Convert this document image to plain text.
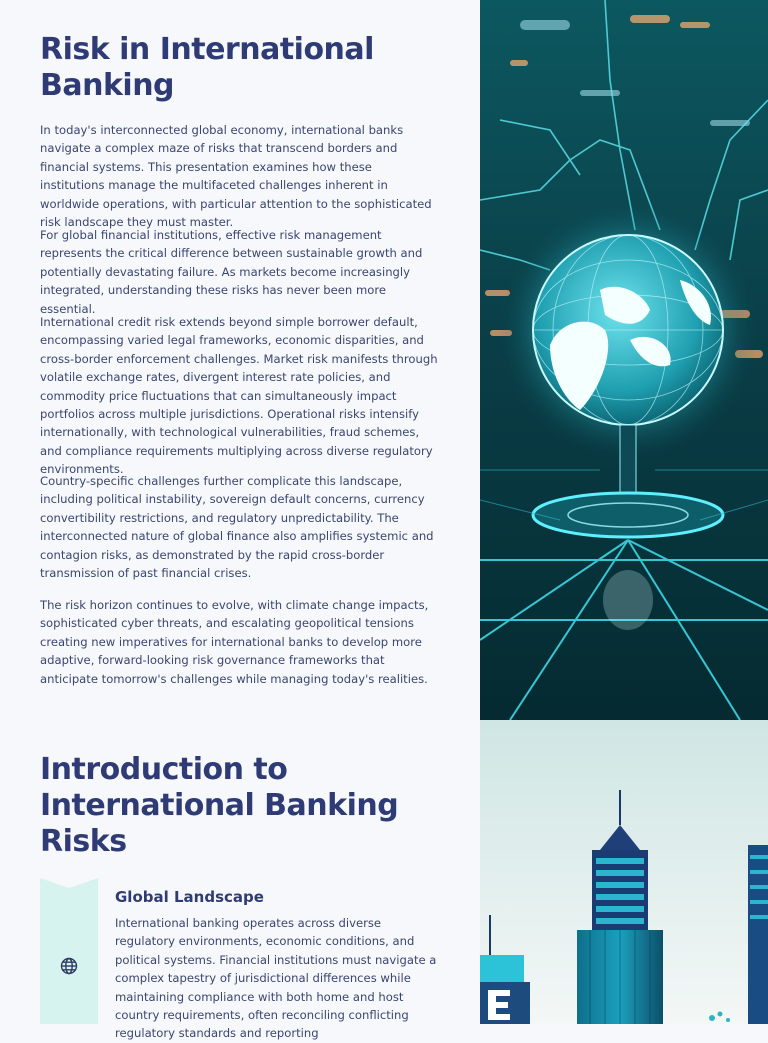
Risk in International Banking

In today's interconnected global economy, international banks navigate a complex maze of risks that transcend borders and financial systems. This presentation examines how these institutions manage the multifaceted challenges inherent in worldwide operations, with particular attention to the sophisticated risk landscape they must master.

For global financial institutions, effective risk management represents the critical difference between sustainable growth and potentially devastating failure. As markets become increasingly integrated, understanding these risks has never been more essential.

International credit risk extends beyond simple borrower default, encompassing varied legal frameworks, economic disparities, and cross-border enforcement challenges. Market risk manifests through volatile exchange rates, divergent interest rate policies, and commodity price fluctuations that can simultaneously impact portfolios across multiple jurisdictions. Operational risks intensify internationally, with technological vulnerabilities, fraud schemes, and compliance requirements multiplying across diverse regulatory environments.

Country-specific challenges further complicate this landscape, including political instability, sovereign default concerns, currency convertibility restrictions, and regulatory unpredictability. The interconnected nature of global finance also amplifies systemic and contagion risks, as demonstrated by the rapid cross-border transmission of past financial crises.

The risk horizon continues to evolve, with climate change impacts, sophisticated cyber threats, and escalating geopolitical tensions creating new imperatives for international banks to develop more adaptive, forward-looking risk governance frameworks that anticipate tomorrow's challenges while managing today's realities.

Introduction to International Banking Risks
Global Landscape

International banking operates across diverse regulatory environments, economic conditions, and political systems. Financial institutions must navigate a complex tapestry of jurisdictional differences while maintaining compliance with both home and host country requirements, often reconciling conflicting regulatory standards and reporting
